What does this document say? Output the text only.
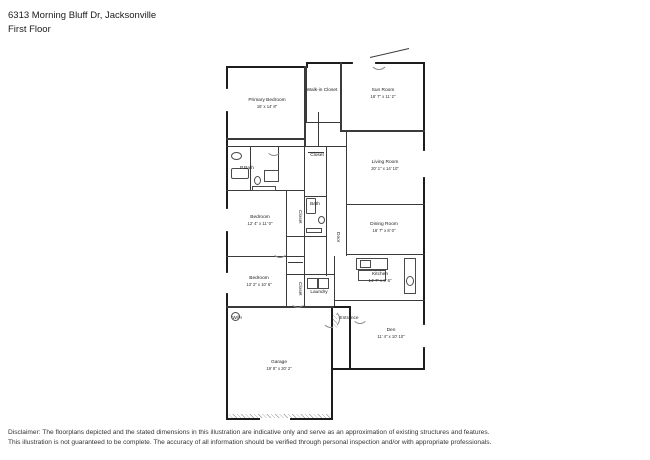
6313 Morning Bluff Dr, Jacksonville
First Floor
Primary Bedroom
16' x 14' 8"
Walk-in Closet	Sun Room
16' 7" x 11' 2"
Living Room
20' 1" x 14' 10"
Closet
P.Bath
Bath
Bedroom
12' 4" x 11' 0"	Closet
Dining Room
16' 7" x 8' 0"
Door
Bedroom
13' 2" x 10' 6"	Closet	Laundry
Kitchen
14' 7" x 9' 6"
Entrance
Den
11' 4" x 10' 10"
W/H
Garage
19' 8" x 20' 2"
Disclaimer: The floorplans depicted and the stated dimensions in this illustration are indicative only and serve as an approximation of existing structures and features.
This illustration is not guaranteed to be complete. The accuracy of all information should be verified through personal inspection and/or with appropriate professionals.
